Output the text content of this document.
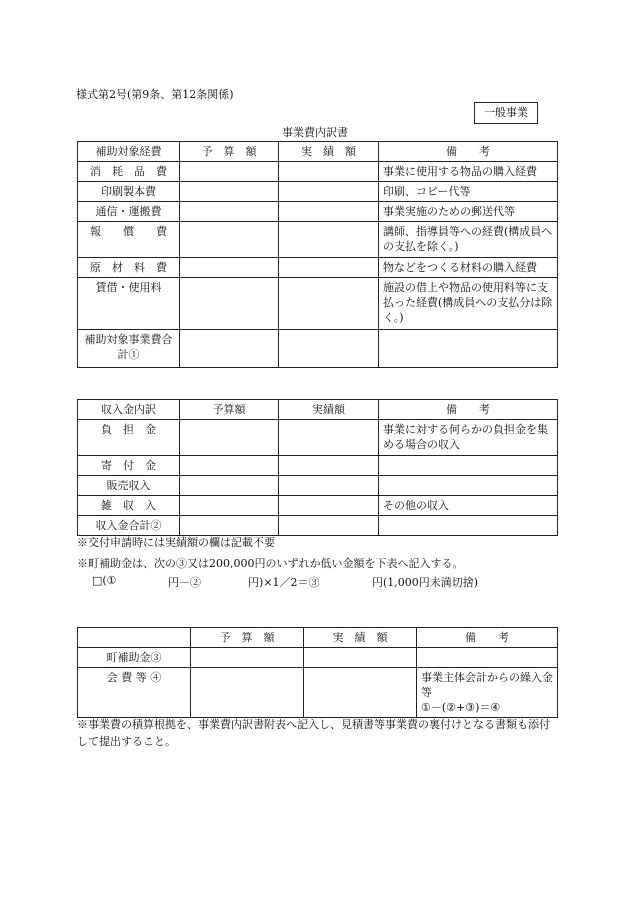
様式第2号(第9条、第12条関係)
一般事業
事業費内訳書
補助対象経費	予　算　額	実　績　額	備　　考
消　耗　品　費			事業に使用する物品の購入経費
印刷製本費			印刷、コピー代等
通信・運搬費			事業実施のための郵送代等
報　　償　　費			講師、指導員等への経費(構成員への支払を除く。)
原　材　料　費			物などをつくる材料の購入経費
賃借・使用料			施設の借上や物品の使用料等に支払った経費(構成員への支払分は除く。)
補助対象事業費合計①			
収入金内訳	予算額	実績額	備　　考
負　担　金			事業に対する何らかの負担金を集める場合の収入
寄　付　金			
販売収入			
雑　収　入			その他の収入
収入金合計②			
※交付申請時には実績額の欄は記載不要
※町補助金は、次の③又は200,000円のいずれか低い金額を下表へ記入する。
□(①	円－②	円)×1／2＝③	円(1,000円未満切捨)
	予　算　額	実　績　額	備　　考
町補助金③			
会 費 等 ④			事業主体会計からの繰入金等
①－(②+③)＝④
※事業費の積算根拠を、事業費内訳書附表へ記入し、見積書等事業費の裏付けとなる書類も添付して提出すること。
